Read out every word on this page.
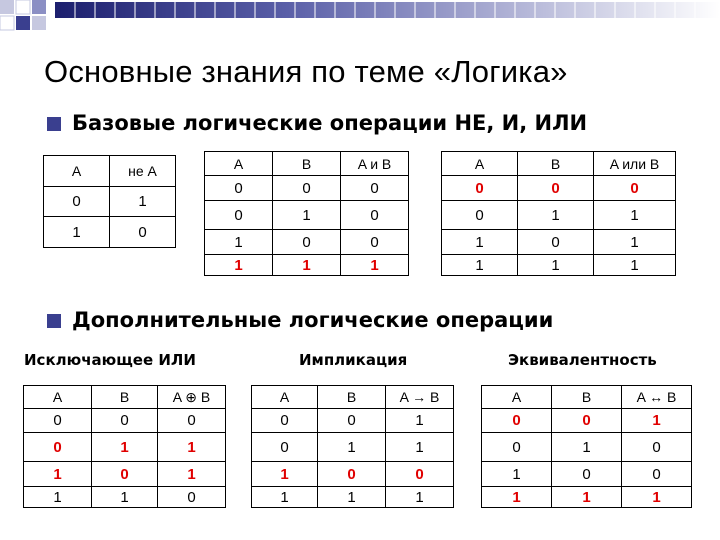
Основные знания по теме «Логика»
Базовые логические операции НЕ, И, ИЛИ
A	не А
0	1
1	0
A	B	A и B
0	0	0
0	1	0
1	0	0
1	1	1
A	B	A или B
0	0	0
0	1	1
1	0	1
1	1	1
Дополнительные логические операции
Исключающее ИЛИ	Импликация	Эквивалентность
A	B	A ⊕ B
0	0	0
0	1	1
1	0	1
1	1	0
A	B	A → B
0	0	1
0	1	1
1	0	0
1	1	1
A	B	A ↔ B
0	0	1
0	1	0
1	0	0
1	1	1
